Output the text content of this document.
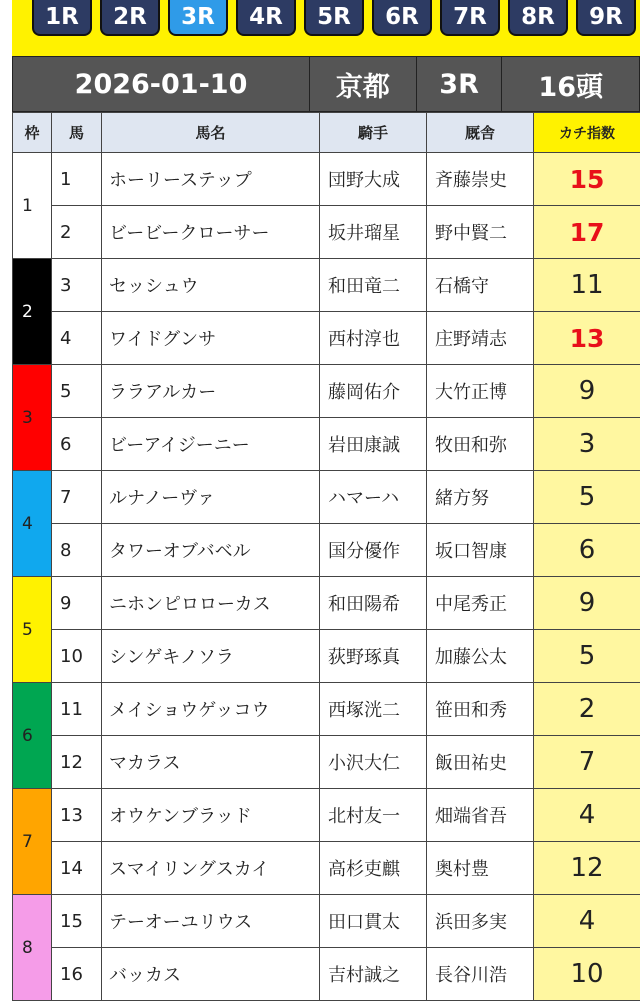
1R	2R	3R	4R	5R	6R	7R	8R	9R
2026-01-10	京都	3R	16頭
枠	馬	馬名	騎手	厩舎	カチ指数
1	1	ホーリーステップ	団野大成	斉藤崇史	15
	2	ビービークローサー	坂井瑠星	野中賢二	17
2	3	セッシュウ	和田竜二	石橋守	11
	4	ワイドグンサ	西村淳也	庄野靖志	13
3	5	ララアルカー	藤岡佑介	大竹正博	9
	6	ビーアイジーニー	岩田康誠	牧田和弥	3
4	7	ルナノーヴァ	ハマーハ	緒方努	5
	8	タワーオブバベル	国分優作	坂口智康	6
5	9	ニホンピロローカス	和田陽希	中尾秀正	9
	10	シンゲキノソラ	荻野琢真	加藤公太	5
6	11	メイショウゲッコウ	西塚洸二	笹田和秀	2
	12	マカラス	小沢大仁	飯田祐史	7
7	13	オウケンブラッド	北村友一	畑端省吾	4
	14	スマイリングスカイ	高杉吏麒	奥村豊	12
8	15	テーオーユリウス	田口貫太	浜田多実	4
	16	バッカス	吉村誠之	長谷川浩	10
